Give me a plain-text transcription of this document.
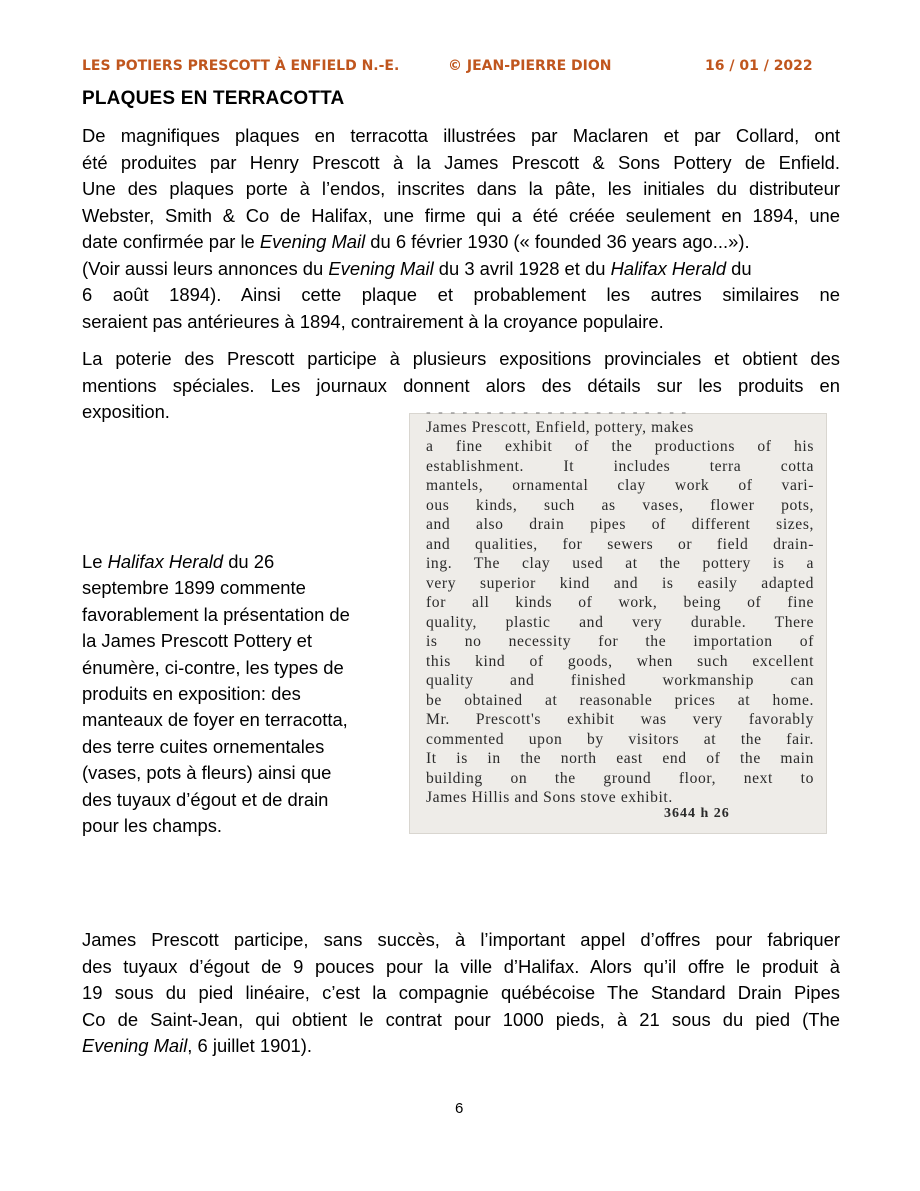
LES POTIERS PRESCOTT À ENFIELD N.-E.	© JEAN-PIERRE DION	16 / 01 / 2022
PLAQUES EN TERRACOTTA
De magnifiques plaques en terracotta illustrées par Maclaren et par Collard, ont
été produites par Henry Prescott à la James Prescott & Sons Pottery de Enfield.
Une des plaques porte à l’endos, inscrites dans la pâte, les initiales du distributeur
Webster, Smith & Co de Halifax, une firme qui a été créée seulement en 1894, une
date confirmée par le Evening Mail du 6 février 1930 (« founded 36 years ago...»).
(Voir aussi leurs annonces du Evening Mail du 3 avril 1928 et du Halifax Herald du
6 août 1894). Ainsi cette plaque et probablement les autres similaires ne
seraient pas antérieures à 1894, contrairement à la croyance populaire.
La poterie des Prescott participe à plusieurs expositions provinciales et obtient des
mentions spéciales. Les journaux donnent alors des détails sur les produits en
exposition.
Le Halifax Herald du 26
septembre 1899 commente
favorablement la présentation de
la James Prescott Pottery et
énumère, ci-contre, les types de
produits en exposition: des
manteaux de foyer en terracotta,
des terre cuites ornementales
(vases, pots à fleurs) ainsi que
des tuyaux d’égout et de drain
pour les champs.
- - - - - - - - - - - - - - - - - - - - - -
James Prescott, Enfield, pottery, makes
a fine exhibit of the productions of his
establishment. It includes terra cotta
mantels, ornamental clay work of vari-
ous kinds, such as vases, flower pots,
and also drain pipes of different sizes,
and qualities, for sewers or field drain-
ing. The clay used at the pottery is a
very superior kind and is easily adapted
for all kinds of work, being of fine
quality, plastic and very durable. There
is no necessity for the importation of
this kind of goods, when such excellent
quality and finished workmanship can
be obtained at reasonable prices at home.
Mr. Prescott's exhibit was very favorably
commented upon by visitors at the fair.
It is in the north east end of the main
building on the ground floor, next to
James Hillis and Sons stove exhibit.
3644 h 26
James Prescott participe, sans succès, à l’important appel d’offres pour fabriquer
des tuyaux d’égout de 9 pouces pour la ville d’Halifax. Alors qu’il offre le produit à
19 sous du pied linéaire, c’est la compagnie québécoise The Standard Drain Pipes
Co de Saint-Jean, qui obtient le contrat pour 1000 pieds, à 21 sous du pied (The
Evening Mail, 6 juillet 1901).
6
